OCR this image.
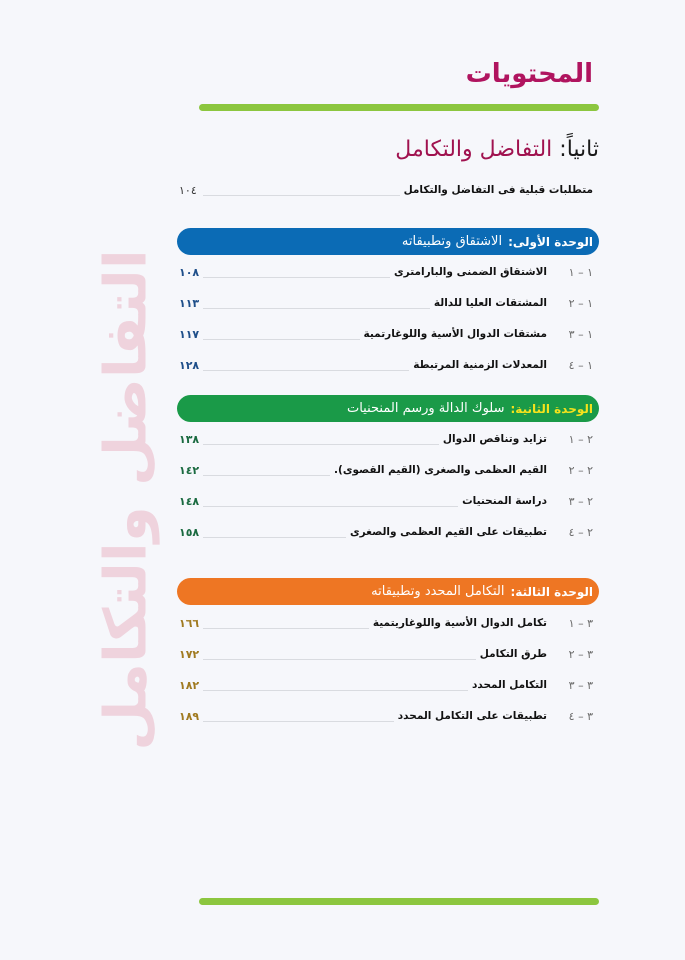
التفاضل والتكامل
المحتويات
ثانياً: التفاضل والتكامل
متطلبات قبلية فى التفاضل والتكامل
١٠٤
الوحدة الأولى:
الاشتقاق وتطبيقاته
١ – ١
الاشتقاق الضمنى والبارامترى
١٠٨
١ – ٢
المشتقات العليا للدالة
١١٣
١ – ٣
مشتقات الدوال الأسية واللوغارتمية
١١٧
١ – ٤
المعدلات الزمنية المرتبطة
١٢٨
الوحدة الثانية:
سلوك الدالة ورسم المنحنيات
٢ – ١
تزايد وتناقص الدوال
١٣٨
٢ – ٢
القيم العظمى والصغرى (القيم القصوى).
١٤٢
٢ – ٣
دراسة المنحنيات
١٤٨
٢ – ٤
تطبيقات على القيم العظمى والصغرى
١٥٨
الوحدة الثالثة:
التكامل المحدد وتطبيقاته
٣ – ١
تكامل الدوال الأسية واللوغاريتمية
١٦٦
٣ – ٢
طرق التكامل
١٧٢
٣ – ٣
التكامل المحدد
١٨٢
٣ – ٤
تطبيقات على التكامل المحدد
١٨٩
